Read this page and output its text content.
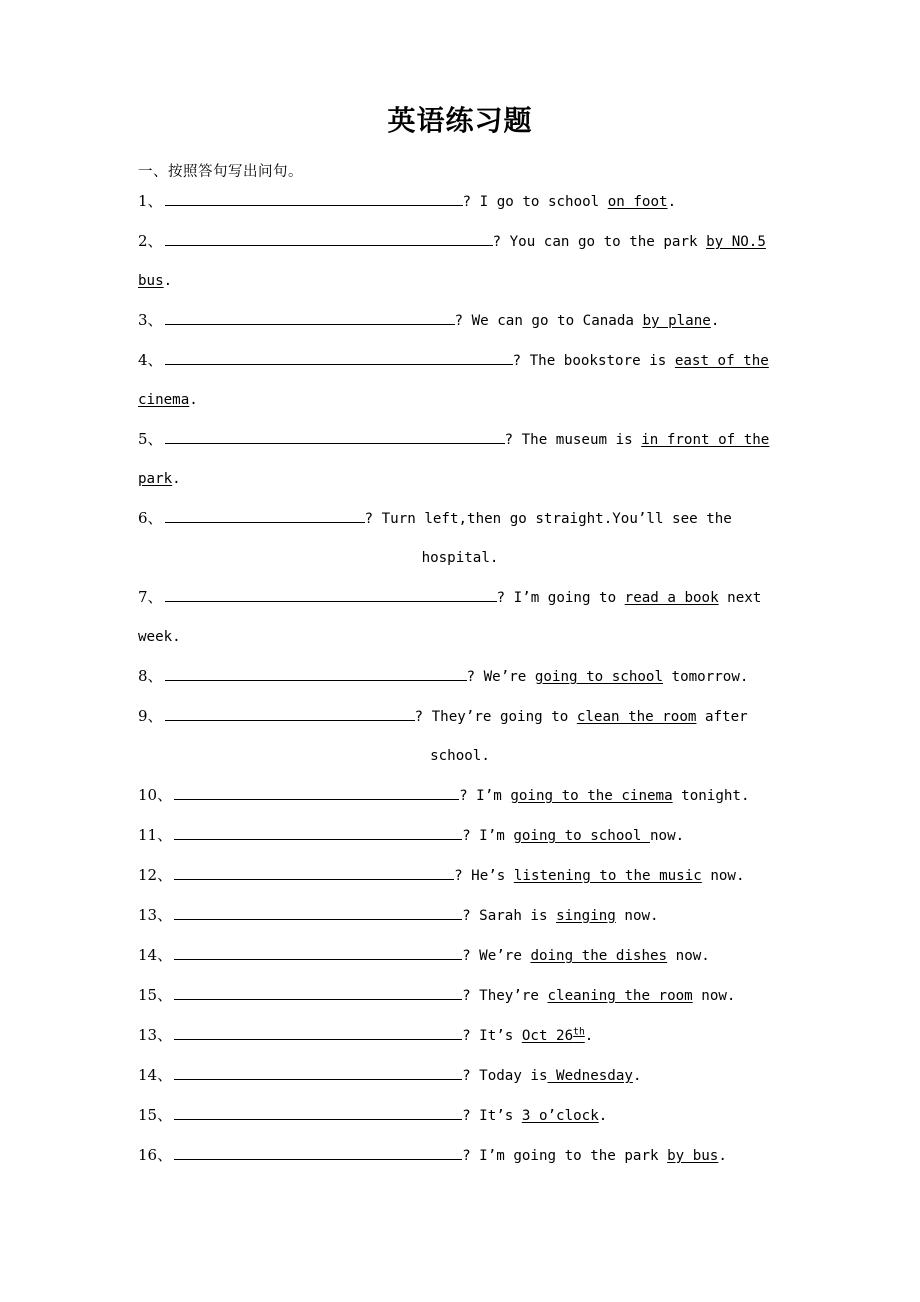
英语练习题

一、按照答句写出问句。

1、	? I go to school on foot.
2、	? You can go to the park by NO.5
bus.
3、	? We can go to Canada by plane.
4、	? The bookstore is east of the
cinema.
5、	? The museum is in front of the
park.
6、	? Turn left,then go straight.You’ll see the
hospital.
7、	? I’m going to read a book next
week.
8、	? We’re going to school tomorrow.
9、	? They’re going to clean the room after
school.
10、	? I’m going to the cinema tonight.
11、	? I’m going to school now.
12、	? He’s listening to the music now.
13、	? Sarah is singing now.
14、	? We’re doing the dishes now.
15、	? They’re cleaning the room now.
13、	? It’s Oct 26th.
14、	? Today is Wednesday.
15、	? It’s 3 o’clock.
16、	? I’m going to the park by bus.
